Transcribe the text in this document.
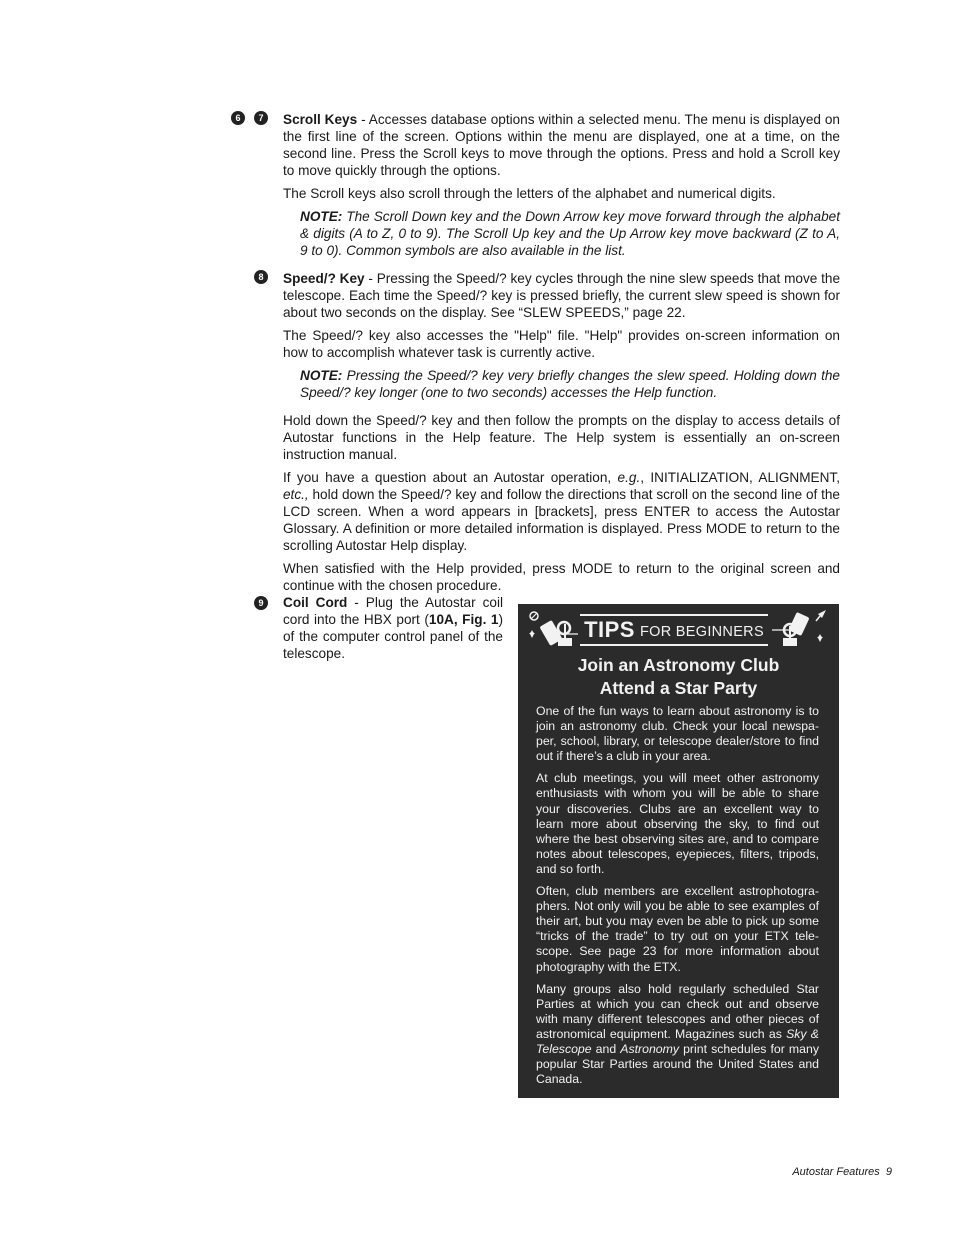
6	7
8
9

Scroll Keys - Accesses database options within a selected menu. The menu is displayed on the first line of the screen. Options within the menu are displayed, one at a time, on the second line. Press the Scroll keys to move through the options. Press and hold a Scroll key to move quickly through the options.

The Scroll keys also scroll through the letters of the alphabet and numerical digits.

NOTE: The Scroll Down key and the Down Arrow key move forward through the alphabet & digits (A to Z, 0 to 9). The Scroll Up key and the Up Arrow key move backward (Z to A, 9 to 0). Common symbols are also available in the list.

Speed/? Key - Pressing the Speed/? key cycles through the nine slew speeds that move the telescope. Each time the Speed/? key is pressed briefly, the current slew speed is shown for about two seconds on the display. See “SLEW SPEEDS,” page 22.

The Speed/? key also accesses the "Help" file. "Help" provides on-screen information on how to accomplish whatever task is currently active.

NOTE: Pressing the Speed/? key very briefly changes the slew speed. Holding down the Speed/? key longer (one to two seconds) accesses the Help function.

Hold down the Speed/? key and then follow the prompts on the display to access details of Autostar functions in the Help feature. The Help system is essentially an on-screen instruction manual.

If you have a question about an Autostar operation, e.g., INITIALIZATION, ALIGNMENT, etc., hold down the Speed/? key and follow the directions that scroll on the second line of the LCD screen. When a word appears in [brackets], press ENTER to access the Autostar Glossary. A definition or more detailed information is displayed. Press MODE to return to the scrolling Autostar Help display.

When satisfied with the Help provided, press MODE to return to the original screen and continue with the chosen procedure.

Coil Cord - Plug the Autostar coil cord into the HBX port (10A, Fig. 1) of the computer control panel of the telescope.

TIPS FOR BEGINNERS

Join an Astronomy Club
Attend a Star Party

One of the fun ways to learn about astronomy is to join an astronomy club. Check your local newspa-per, school, library, or telescope dealer/store to find out if there’s a club in your area.

At club meetings, you will meet other astronomy enthusiasts with whom you will be able to share your discoveries. Clubs are an excellent way to learn more about observing the sky, to find out where the best observing sites are, and to compare notes about telescopes, eyepieces, filters, tripods, and so forth.

Often, club members are excellent astrophotogra-phers. Not only will you be able to see examples of their art, but you may even be able to pick up some “tricks of the trade” to try out on your ETX tele-scope. See page 23 for more information about photography with the ETX.

Many groups also hold regularly scheduled Star Parties at which you can check out and observe with many different telescopes and other pieces of astronomical equipment. Magazines such as Sky & Telescope and Astronomy print schedules for many popular Star Parties around the United States and Canada.

Autostar Features  9
